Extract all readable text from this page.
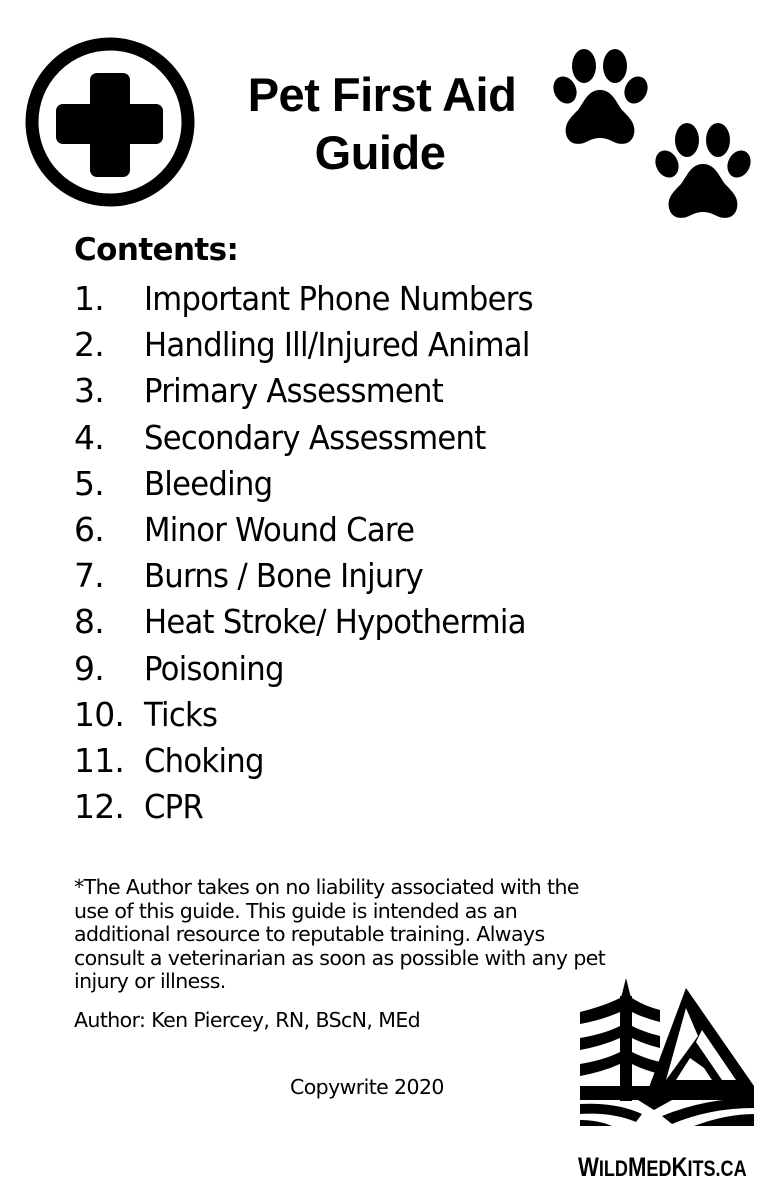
Pet First Aid
Guide
Contents:
1.	Important Phone Numbers
2.	Handling Ill/Injured Animal
3.	Primary Assessment
4.	Secondary Assessment
5.	Bleeding
6.	Minor Wound Care
7.	Burns / Bone Injury
8.	Heat Stroke/ Hypothermia
9.	Poisoning
10. Ticks
11. Choking
12. CPR
*The Author takes on no liability associated with the
use of this guide. This guide is intended as an
additional resource to reputable training. Always
consult a veterinarian as soon as possible with any pet
injury or illness.
Author: Ken Piercey, RN, BScN, MEd
Copywrite 2020
WILDMEDKITS.CA
